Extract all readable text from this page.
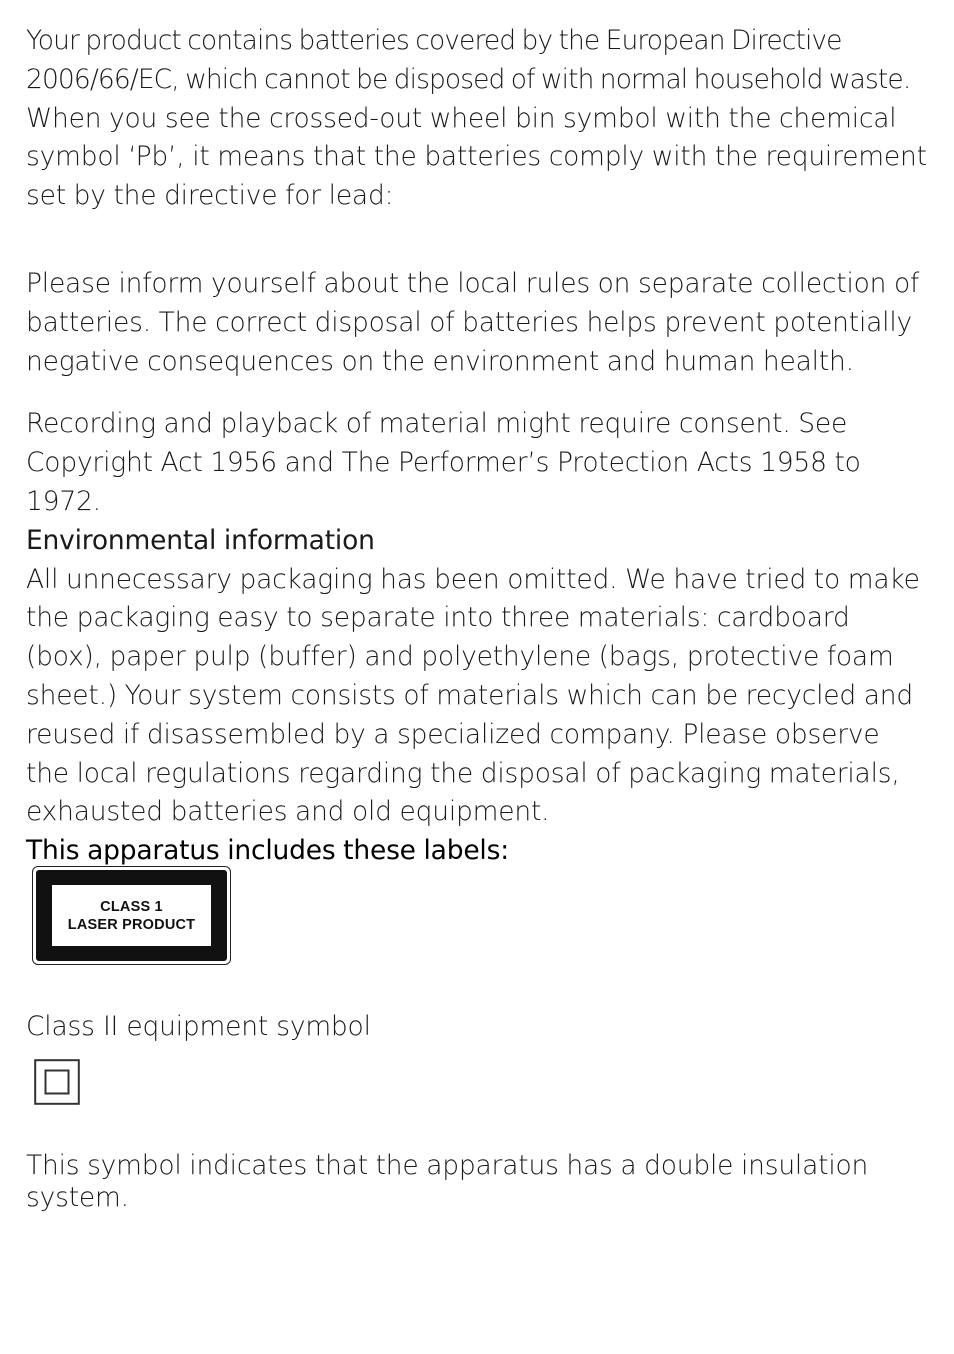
Your product contains batteries covered by the European Directive

2006/66/EC, which cannot be disposed of with normal household waste.

When you see the crossed-out wheel bin symbol with the chemical

symbol ‘Pb’, it means that the batteries comply with the requirement

set by the directive for lead:

Please inform yourself about the local rules on separate collection of batteries. The correct disposal of batteries helps prevent potentially negative consequences on the environment and human health.

Recording and playback of material might require consent. See Copyright Act 1956 and The Performer’s Protection Acts 1958 to 1972.

Environmental information

All unnecessary packaging has been omitted. We have tried to make the packaging easy to separate into three materials: cardboard (box), paper pulp (buffer) and polyethylene (bags, protective foam sheet.) Your system consists of materials which can be recycled and reused if disassembled by a specialized company. Please observe the local regulations regarding the disposal of packaging materials, exhausted batteries and old equipment.

This apparatus includes these labels:

CLASS 1
LASER PRODUCT
Class II equipment symbol

This symbol indicates that the apparatus has a double insulation system.
